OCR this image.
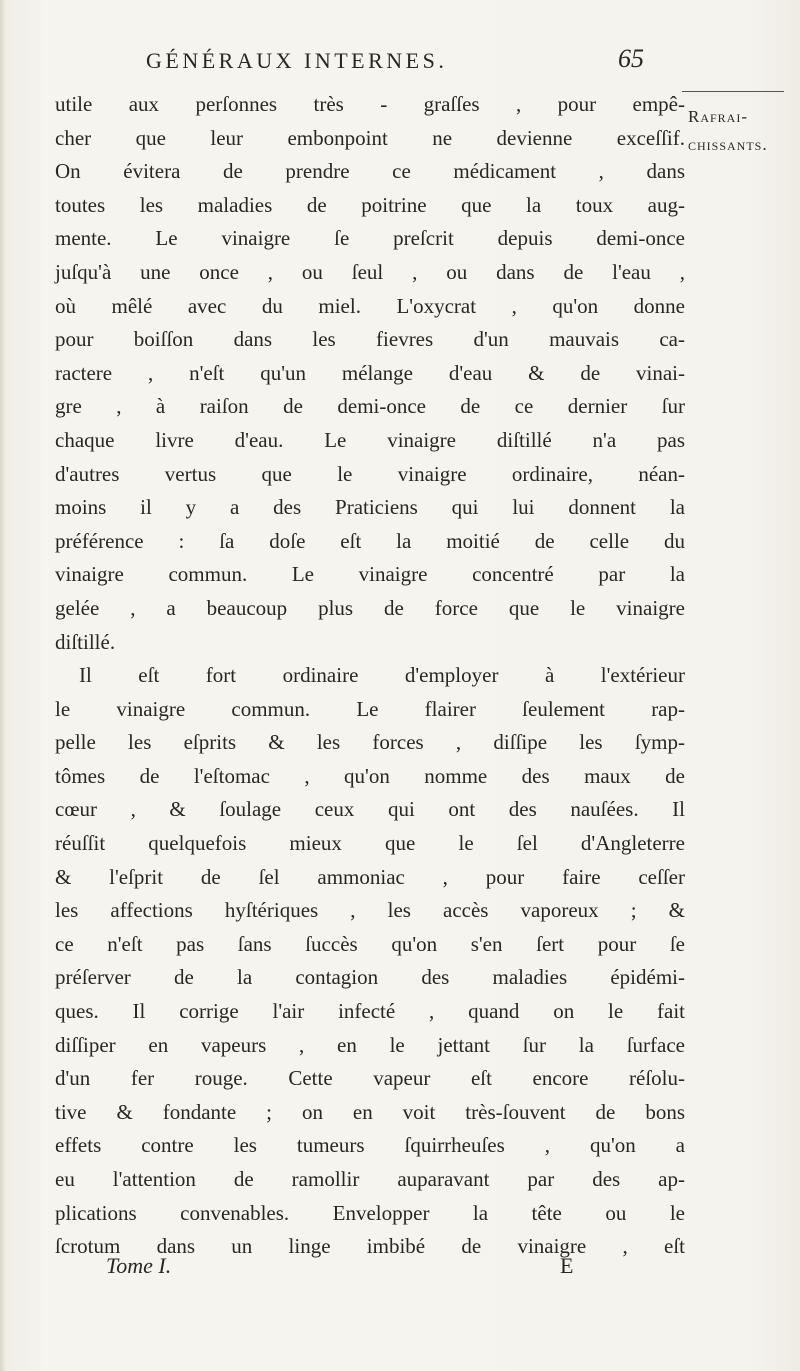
GÉNÉRAUX INTERNES.	65
Rafrai-
chissants.
utile aux perſonnes très - graſſes , pour empê-
cher que leur embonpoint ne devienne exceſſif.
On évitera de prendre ce médicament , dans
toutes les maladies de poitrine que la toux aug-
mente. Le vinaigre ſe preſcrit depuis demi-once
juſqu'à une once , ou ſeul , ou dans de l'eau ,
où mêlé avec du miel. L'oxycrat , qu'on donne
pour boiſſon dans les fievres d'un mauvais ca-
ractere , n'eſt qu'un mélange d'eau & de vinai-
gre , à raiſon de demi-once de ce dernier ſur
chaque livre d'eau. Le vinaigre diſtillé n'a pas
d'autres vertus que le vinaigre ordinaire, néan-
moins il y a des Praticiens qui lui donnent la
préférence : ſa doſe eſt la moitié de celle du
vinaigre commun. Le vinaigre concentré par la
gelée , a beaucoup plus de force que le vinaigre
diſtillé.
Il eſt fort ordinaire d'employer à l'extérieur
le vinaigre commun. Le flairer ſeulement rap-
pelle les eſprits & les forces , diſſipe les ſymp-
tômes de l'eſtomac , qu'on nomme des maux de
cœur , & ſoulage ceux qui ont des nauſées. Il
réuſſit quelquefois mieux que le ſel d'Angleterre
& l'eſprit de ſel ammoniac , pour faire ceſſer
les affections hyſtériques , les accès vaporeux ; &
ce n'eſt pas ſans ſuccès qu'on s'en ſert pour ſe
préſerver de la contagion des maladies épidémi-
ques. Il corrige l'air infecté , quand on le fait
diſſiper en vapeurs , en le jettant ſur la ſurface
d'un fer rouge. Cette vapeur eſt encore réſolu-
tive & fondante ; on en voit très-ſouvent de bons
effets contre les tumeurs ſquirrheuſes , qu'on a
eu l'attention de ramollir auparavant par des ap-
plications convenables. Envelopper la tête ou le
ſcrotum dans un linge imbibé de vinaigre , eſt
Tome I.	E
